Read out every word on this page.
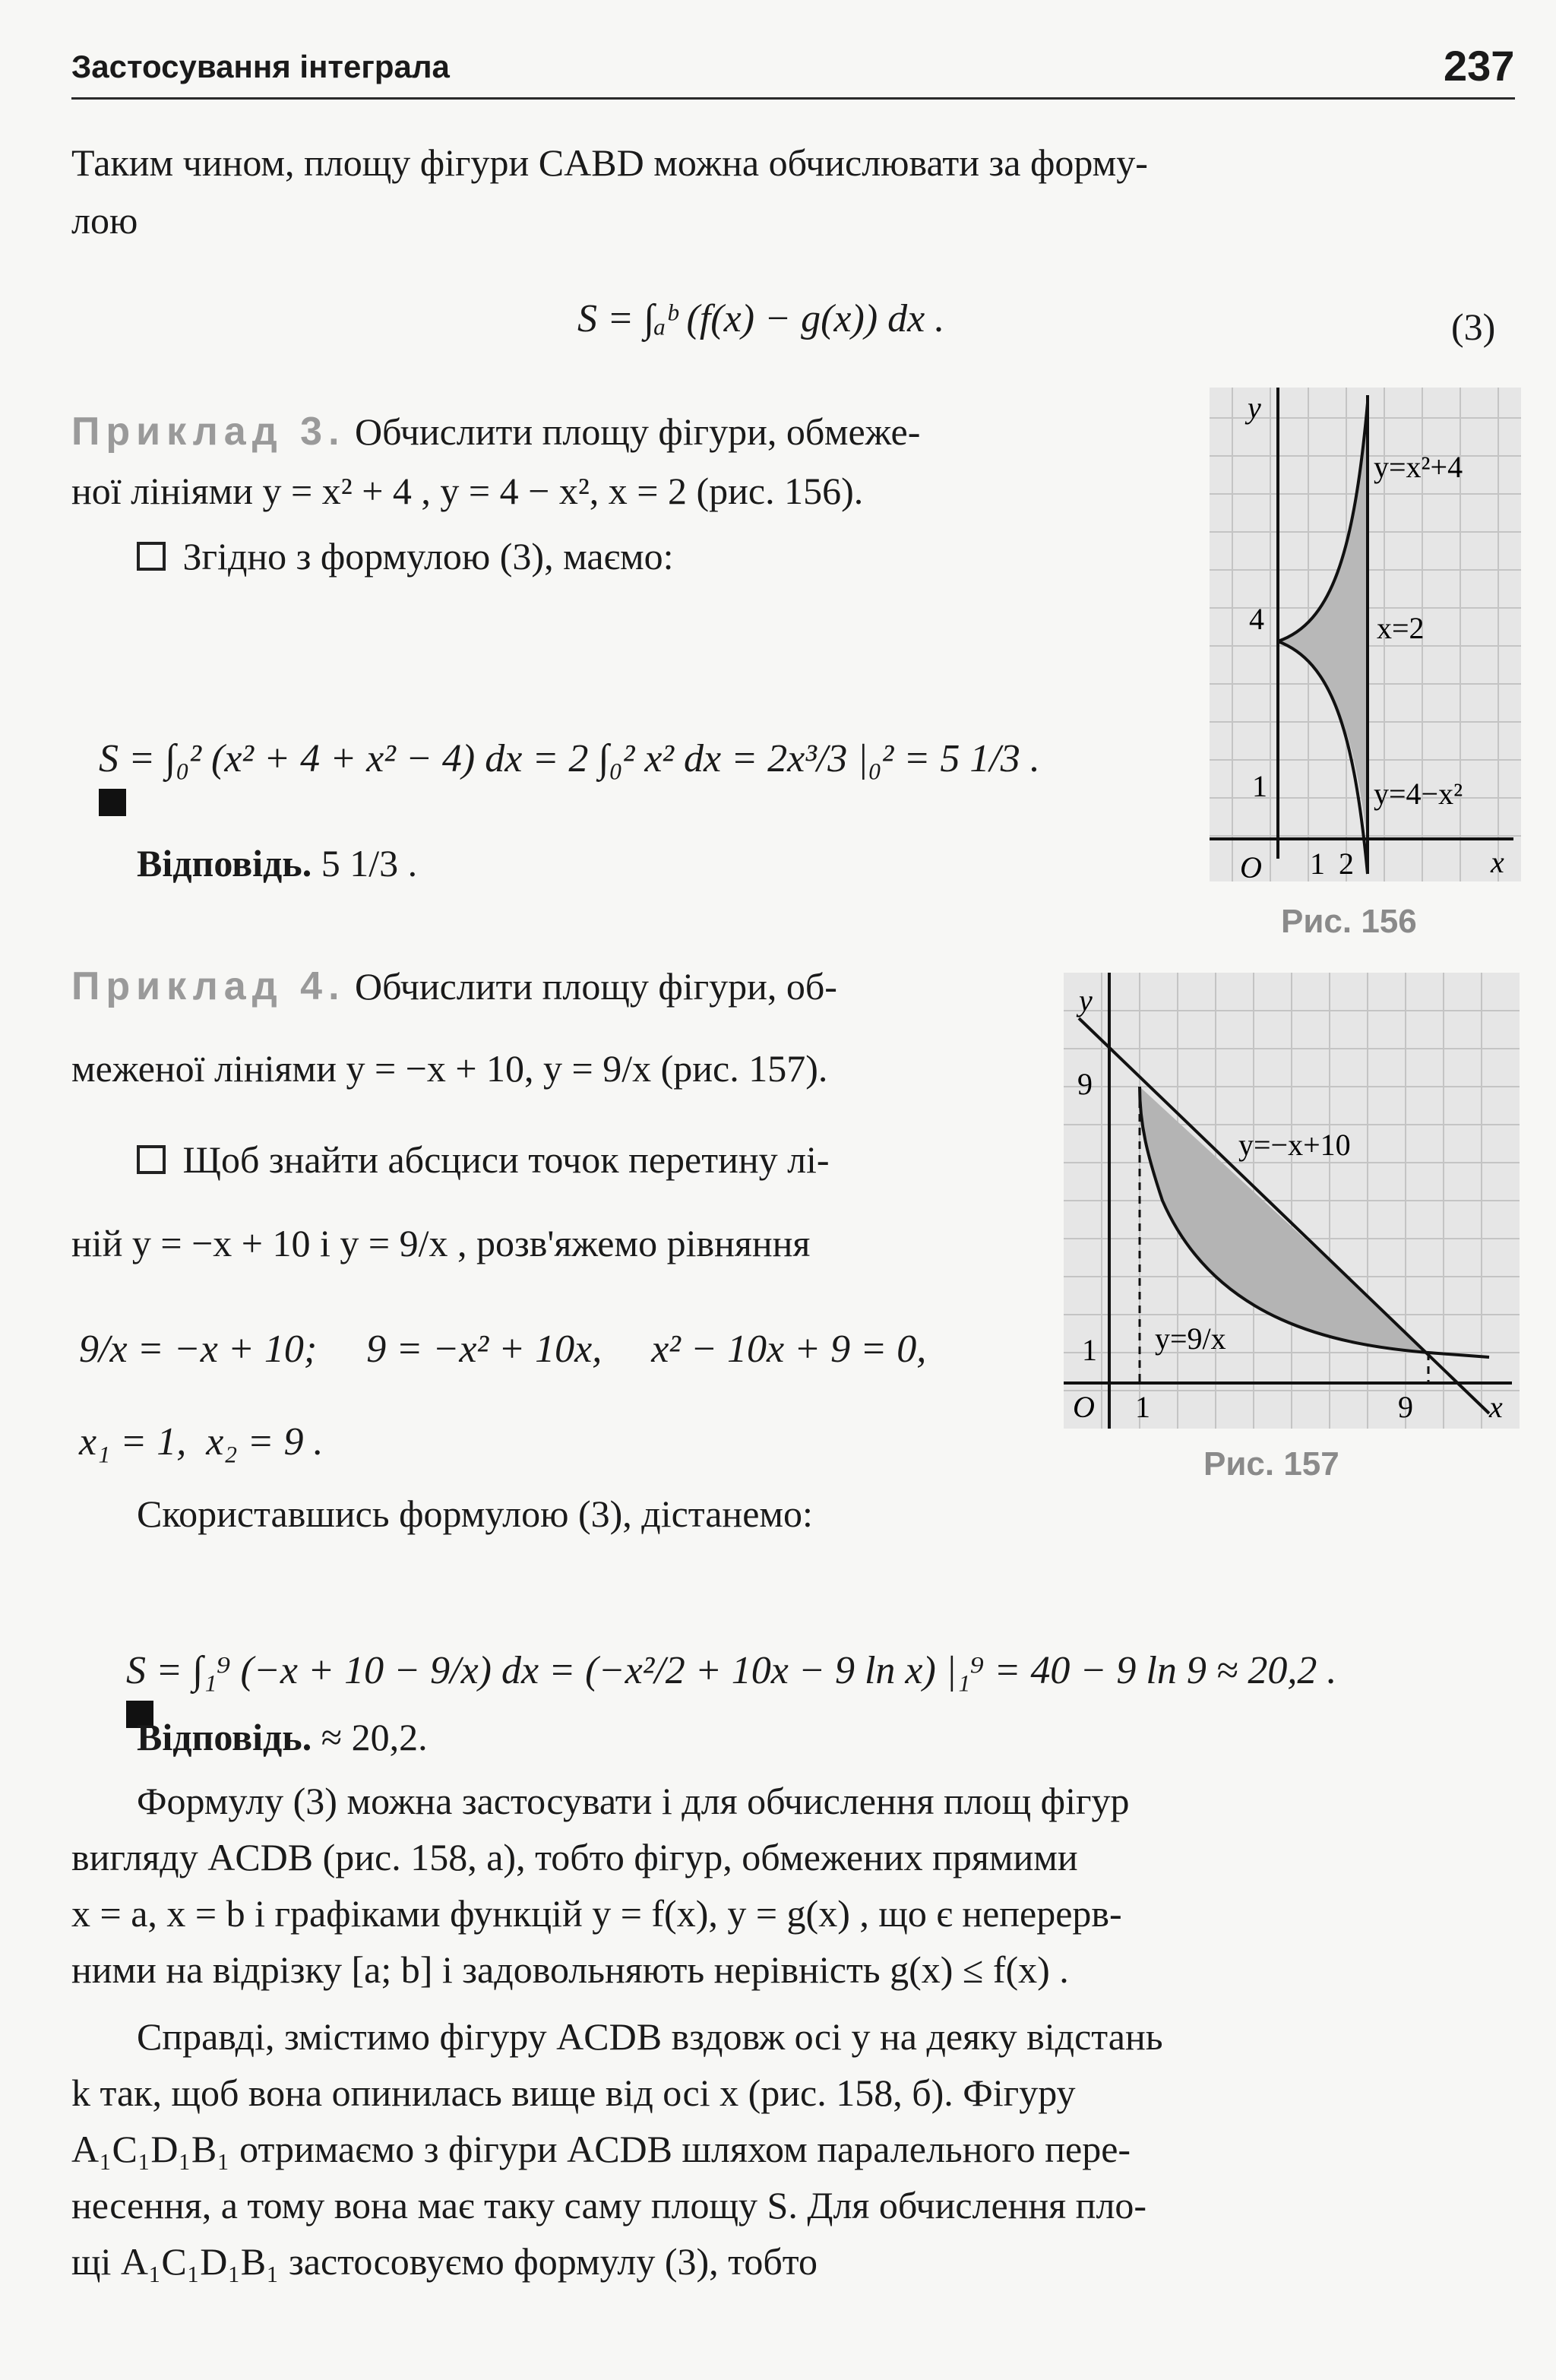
Застосування інтеграла	237
Таким чином, площу фігури CABD можна обчислювати за форму-
лою
S = ∫ₐᵇ (f(x) − g(x)) dx .	(3)
Приклад 3. Обчислити площу фігури, обмеже-
ної лініями y = x² + 4 , y = 4 − x², x = 2 (рис. 156).
Згідно з формулою (3), маємо:

S = ∫₀² (x² + 4 + x² − 4) dx = 2 ∫₀² x² dx = 2x³/3 |₀² = 5 1/3 .

Відповідь. 5 1/3 .
y
x
O
4
1
1 2
y=x²+4
x=2
y=4−x²
Рис. 156
Приклад 4. Обчислити площу фігури, об-
меженої лініями y = −x + 10, y = 9/x (рис. 157).
Щоб знайти абсциси точок перетину лі-
ній y = −x + 10 і y = 9/x , розв'яжемо рівняння
9/x = −x + 10;     9 = −x² + 10x,     x² − 10x + 9 = 0,
x₁ = 1,  x₂ = 9 .
Скориставшись формулою (3), дістанемо:

S = ∫₁⁹ (−x + 10 − 9/x) dx = (−x²/2 + 10x − 9 ln x) |₁⁹ = 40 − 9 ln 9 ≈ 20,2 .

Відповідь. ≈ 20,2.
y
x
O
9
1
1	9
y=−x+10
y=9/x
Рис. 157
Формулу (3) можна застосувати і для обчислення площ фігур
вигляду ACDB (рис. 158, а), тобто фігур, обмежених прямими
x = a, x = b і графіками функцій y = f(x), y = g(x) , що є неперерв-
ними на відрізку [a; b] і задовольняють нерівність g(x) ≤ f(x) .
Справді, змістимо фігуру ACDB вздовж осі y на деяку відстань
k так, щоб вона опинилась вище від осі x (рис. 158, б). Фігуру
A₁C₁D₁B₁ отримаємо з фігури ACDB шляхом паралельного пере-
несення, а тому вона має таку саму площу S. Для обчислення пло-
щі A₁C₁D₁B₁ застосовуємо формулу (3), тобто
